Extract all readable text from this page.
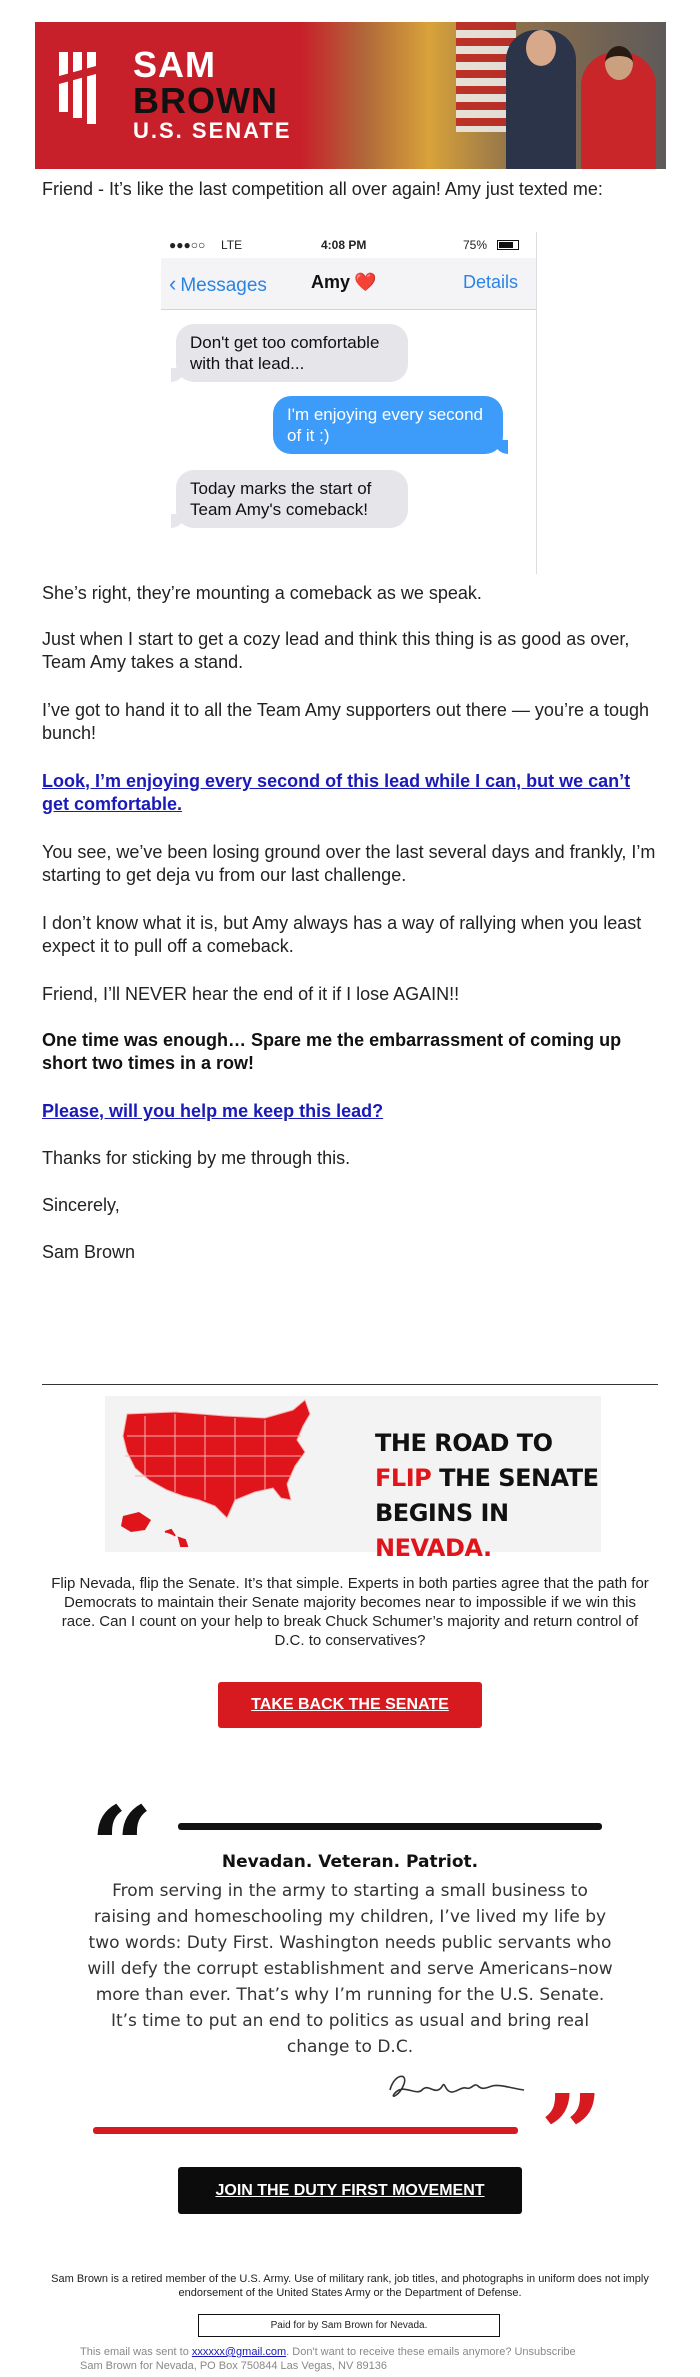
SAM
BROWN
U.S. SENATE
Friend - It’s like the last competition all over again! Amy just texted me:
●●●○○ LTE	4:08 PM	75%
‹ Messages Amy ❤️	Details
Don't get too comfortable with that lead...
I'm enjoying every second of it :)
Today marks the start of Team Amy's comeback!

She’s right, they’re mounting a comeback as we speak.

Just when I start to get a cozy lead and think this thing is as good as over, Team Amy takes a stand.

I’ve got to hand it to all the Team Amy supporters out there — you’re a tough bunch!

Look, I’m enjoying every second of this lead while I can, but we can’t get comfortable.

You see, we’ve been losing ground over the last several days and frankly, I’m starting to get deja vu from our last challenge.

I don’t know what it is, but Amy always has a way of rallying when you least expect it to pull off a comeback.

Friend, I’ll NEVER hear the end of it if I lose AGAIN!!

One time was enough… Spare me the embarrassment of coming up short two times in a row!

Please, will you help me keep this lead?

Thanks for sticking by me through this.

Sincerely,

Sam Brown

THE ROAD TO
FLIP THE SENATE
BEGINS IN NEVADA.

Flip Nevada, flip the Senate. It’s that simple. Experts in both parties agree that the path for Democrats to maintain their Senate majority becomes near to impossible if we win this race. Can I count on your help to break Chuck Schumer’s majority and return control of D.C. to conservatives?

TAKE BACK THE SENATE
“	Nevadan. Veteran. Patriot.
From serving in the army to starting a small business to raising and homeschooling my children, I’ve lived my life by two words: Duty First. Washington needs public servants who will defy the corrupt establishment and serve Americans–now more than ever. That’s why I’m running for the U.S. Senate. It’s time to put an end to politics as usual and bring real change to D.C.
”
JOIN THE DUTY FIRST MOVEMENT

Sam Brown is a retired member of the U.S. Army. Use of military rank, job titles, and photographs in uniform does not imply endorsement of the United States Army or the Department of Defense.

Paid for by Sam Brown for Nevada.
This email was sent to xxxxxx@gmail.com. Don't want to receive these emails anymore? Unsubscribe
Sam Brown for Nevada, PO Box 750844 Las Vegas, NV 89136
